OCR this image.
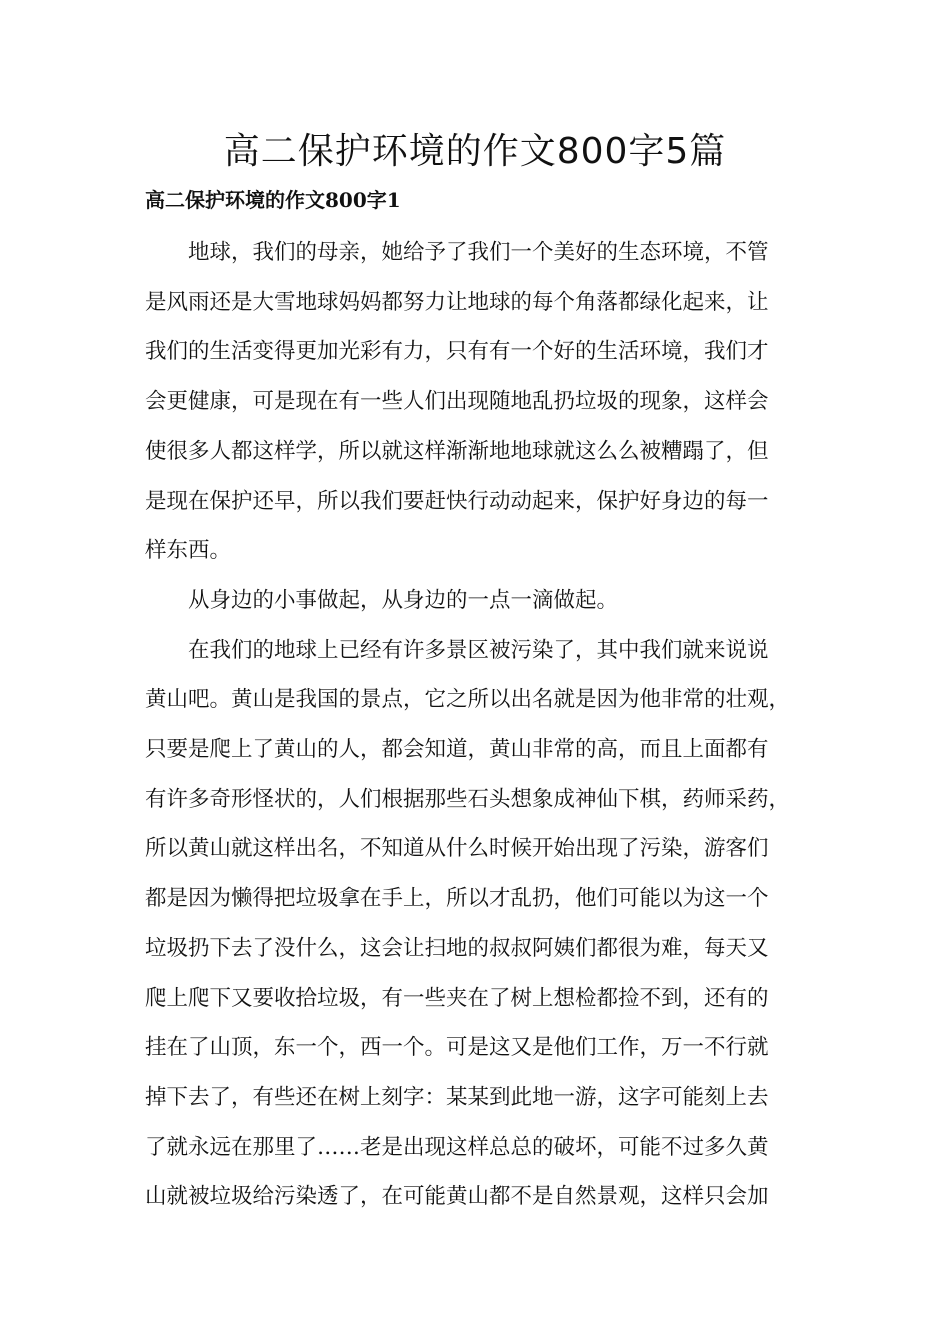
高二保护环境的作文800字5篇
高二保护环境的作文800字1
地球，我们的母亲，她给予了我们一个美好的生态环境，不管
是风雨还是大雪地球妈妈都努力让地球的每个角落都绿化起来，让
我们的生活变得更加光彩有力，只有有一个好的生活环境，我们才
会更健康，可是现在有一些人们出现随地乱扔垃圾的现象，这样会
使很多人都这样学，所以就这样渐渐地地球就这么么被糟蹋了，但
是现在保护还早，所以我们要赶快行动动起来，保护好身边的每一
样东西。
从身边的小事做起，从身边的一点一滴做起。
在我们的地球上已经有许多景区被污染了，其中我们就来说说
黄山吧。黄山是我国的景点，它之所以出名就是因为他非常的壮观，
只要是爬上了黄山的人，都会知道，黄山非常的高，而且上面都有
有许多奇形怪状的，人们根据那些石头想象成神仙下棋，药师采药，
所以黄山就这样出名，不知道从什么时候开始出现了污染，游客们
都是因为懒得把垃圾拿在手上，所以才乱扔，他们可能以为这一个
垃圾扔下去了没什么，这会让扫地的叔叔阿姨们都很为难，每天又
爬上爬下又要收拾垃圾，有一些夹在了树上想检都捡不到，还有的
挂在了山顶，东一个，西一个。可是这又是他们工作，万一不行就
掉下去了，有些还在树上刻字：某某到此地一游，这字可能刻上去
了就永远在那里了……老是出现这样总总的破坏，可能不过多久黄
山就被垃圾给污染透了，在可能黄山都不是自然景观，这样只会加
